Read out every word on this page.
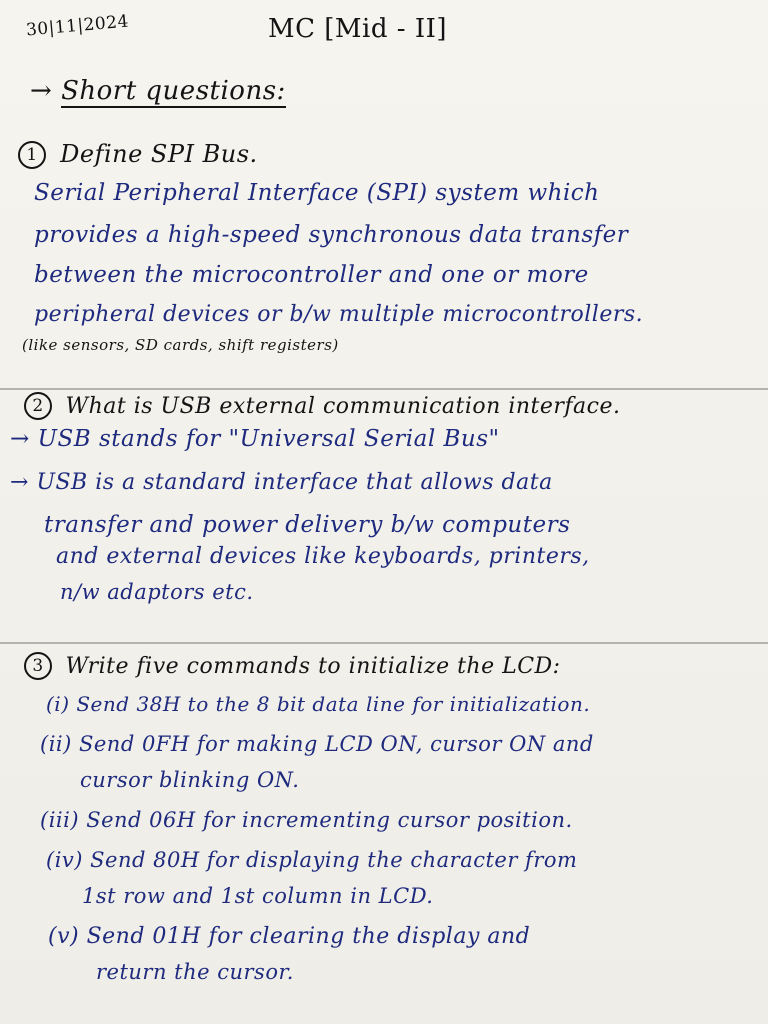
30|11|2024	MC [Mid - II]
→ Short questions:
1 Define SPI Bus.
Serial Peripheral Interface (SPI) system which
provides a high-speed synchronous data transfer
between the microcontroller and one or more
peripheral devices or b/w multiple microcontrollers.
(like sensors, SD cards, shift registers)
2 What is USB external communication interface.
→ USB stands for "Universal Serial Bus"
→ USB is a standard interface that allows data
transfer and power delivery b/w computers
and external devices like keyboards, printers,
n/w adaptors etc.
3 Write five commands to initialize the LCD:
(i) Send 38H to the 8 bit data line for initialization.
(ii) Send 0FH for making LCD ON, cursor ON and
cursor blinking ON.
(iii) Send 06H for incrementing cursor position.
(iv) Send 80H for displaying the character from
1st row and 1st column in LCD.
(v) Send 01H for clearing the display and
return the cursor.
